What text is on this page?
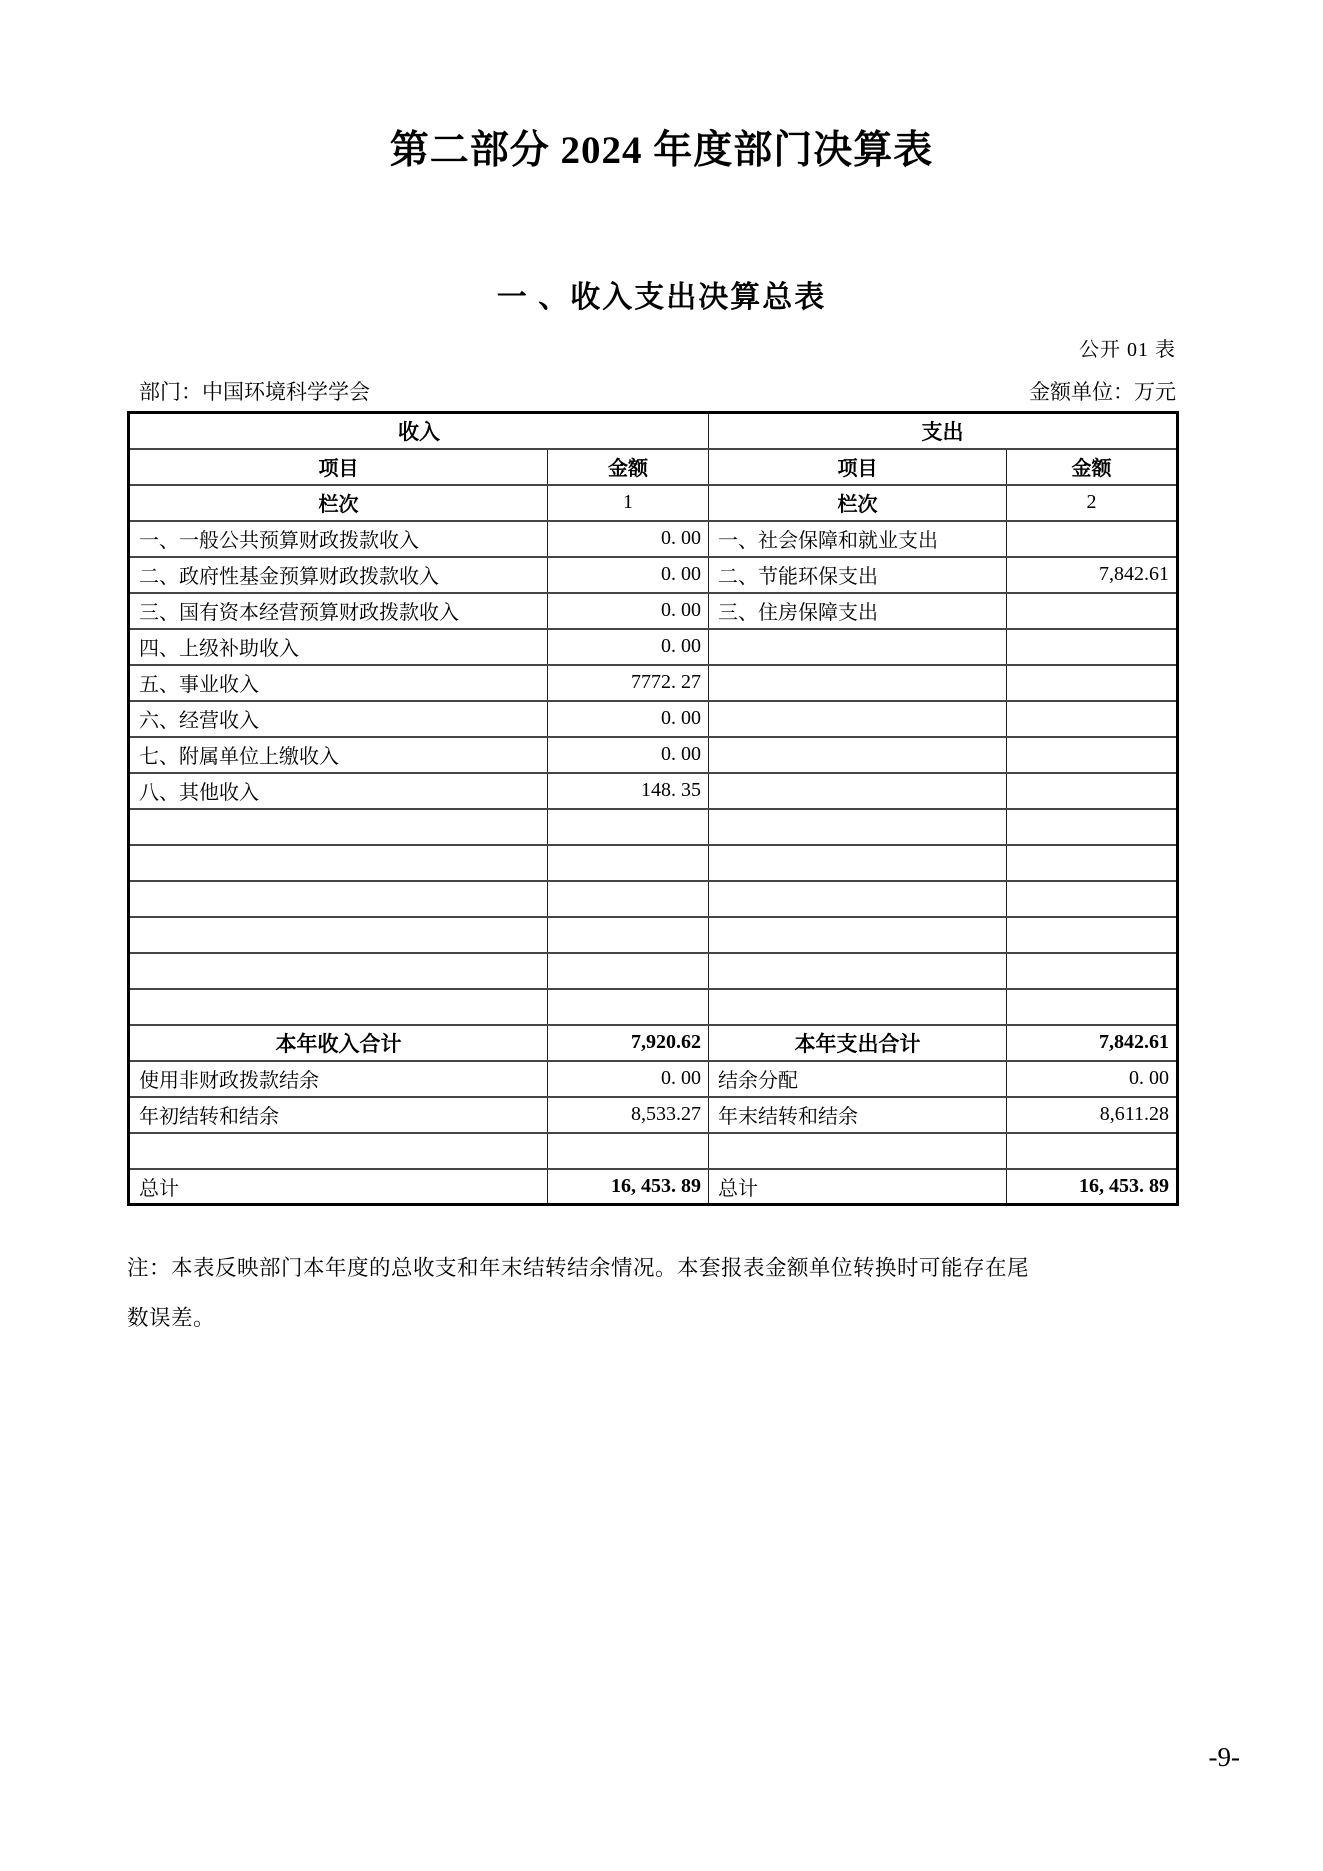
第二部分 2024 年度部门决算表
一 、收入支出决算总表
公开 01 表
部门：中国环境科学学会	金额单位：万元
收入		支出	
项目	金额	项目	金额
栏次	1	栏次	2
一、一般公共预算财政拨款收入	0. 00	一、社会保障和就业支出	
二、政府性基金预算财政拨款收入	0. 00	二、节能环保支出	7,842.61
三、国有资本经营预算财政拨款收入	0. 00	三、住房保障支出	
四、上级补助收入	0. 00		
五、事业收入	7772. 27		
六、经营收入	0. 00		
七、附属单位上缴收入	0. 00		
八、其他收入	148. 35		

本年收入合计	7,920.62	本年支出合计	7,842.61
使用非财政拨款结余	0. 00	结余分配	0. 00
年初结转和结余	8,533.27	年末结转和结余	8,611.28

总计	16, 453. 89	总计	16, 453. 89

注：本表反映部门本年度的总收支和年末结转结余情况。本套报表金额单位转换时可能存在尾
数误差。

-9-
